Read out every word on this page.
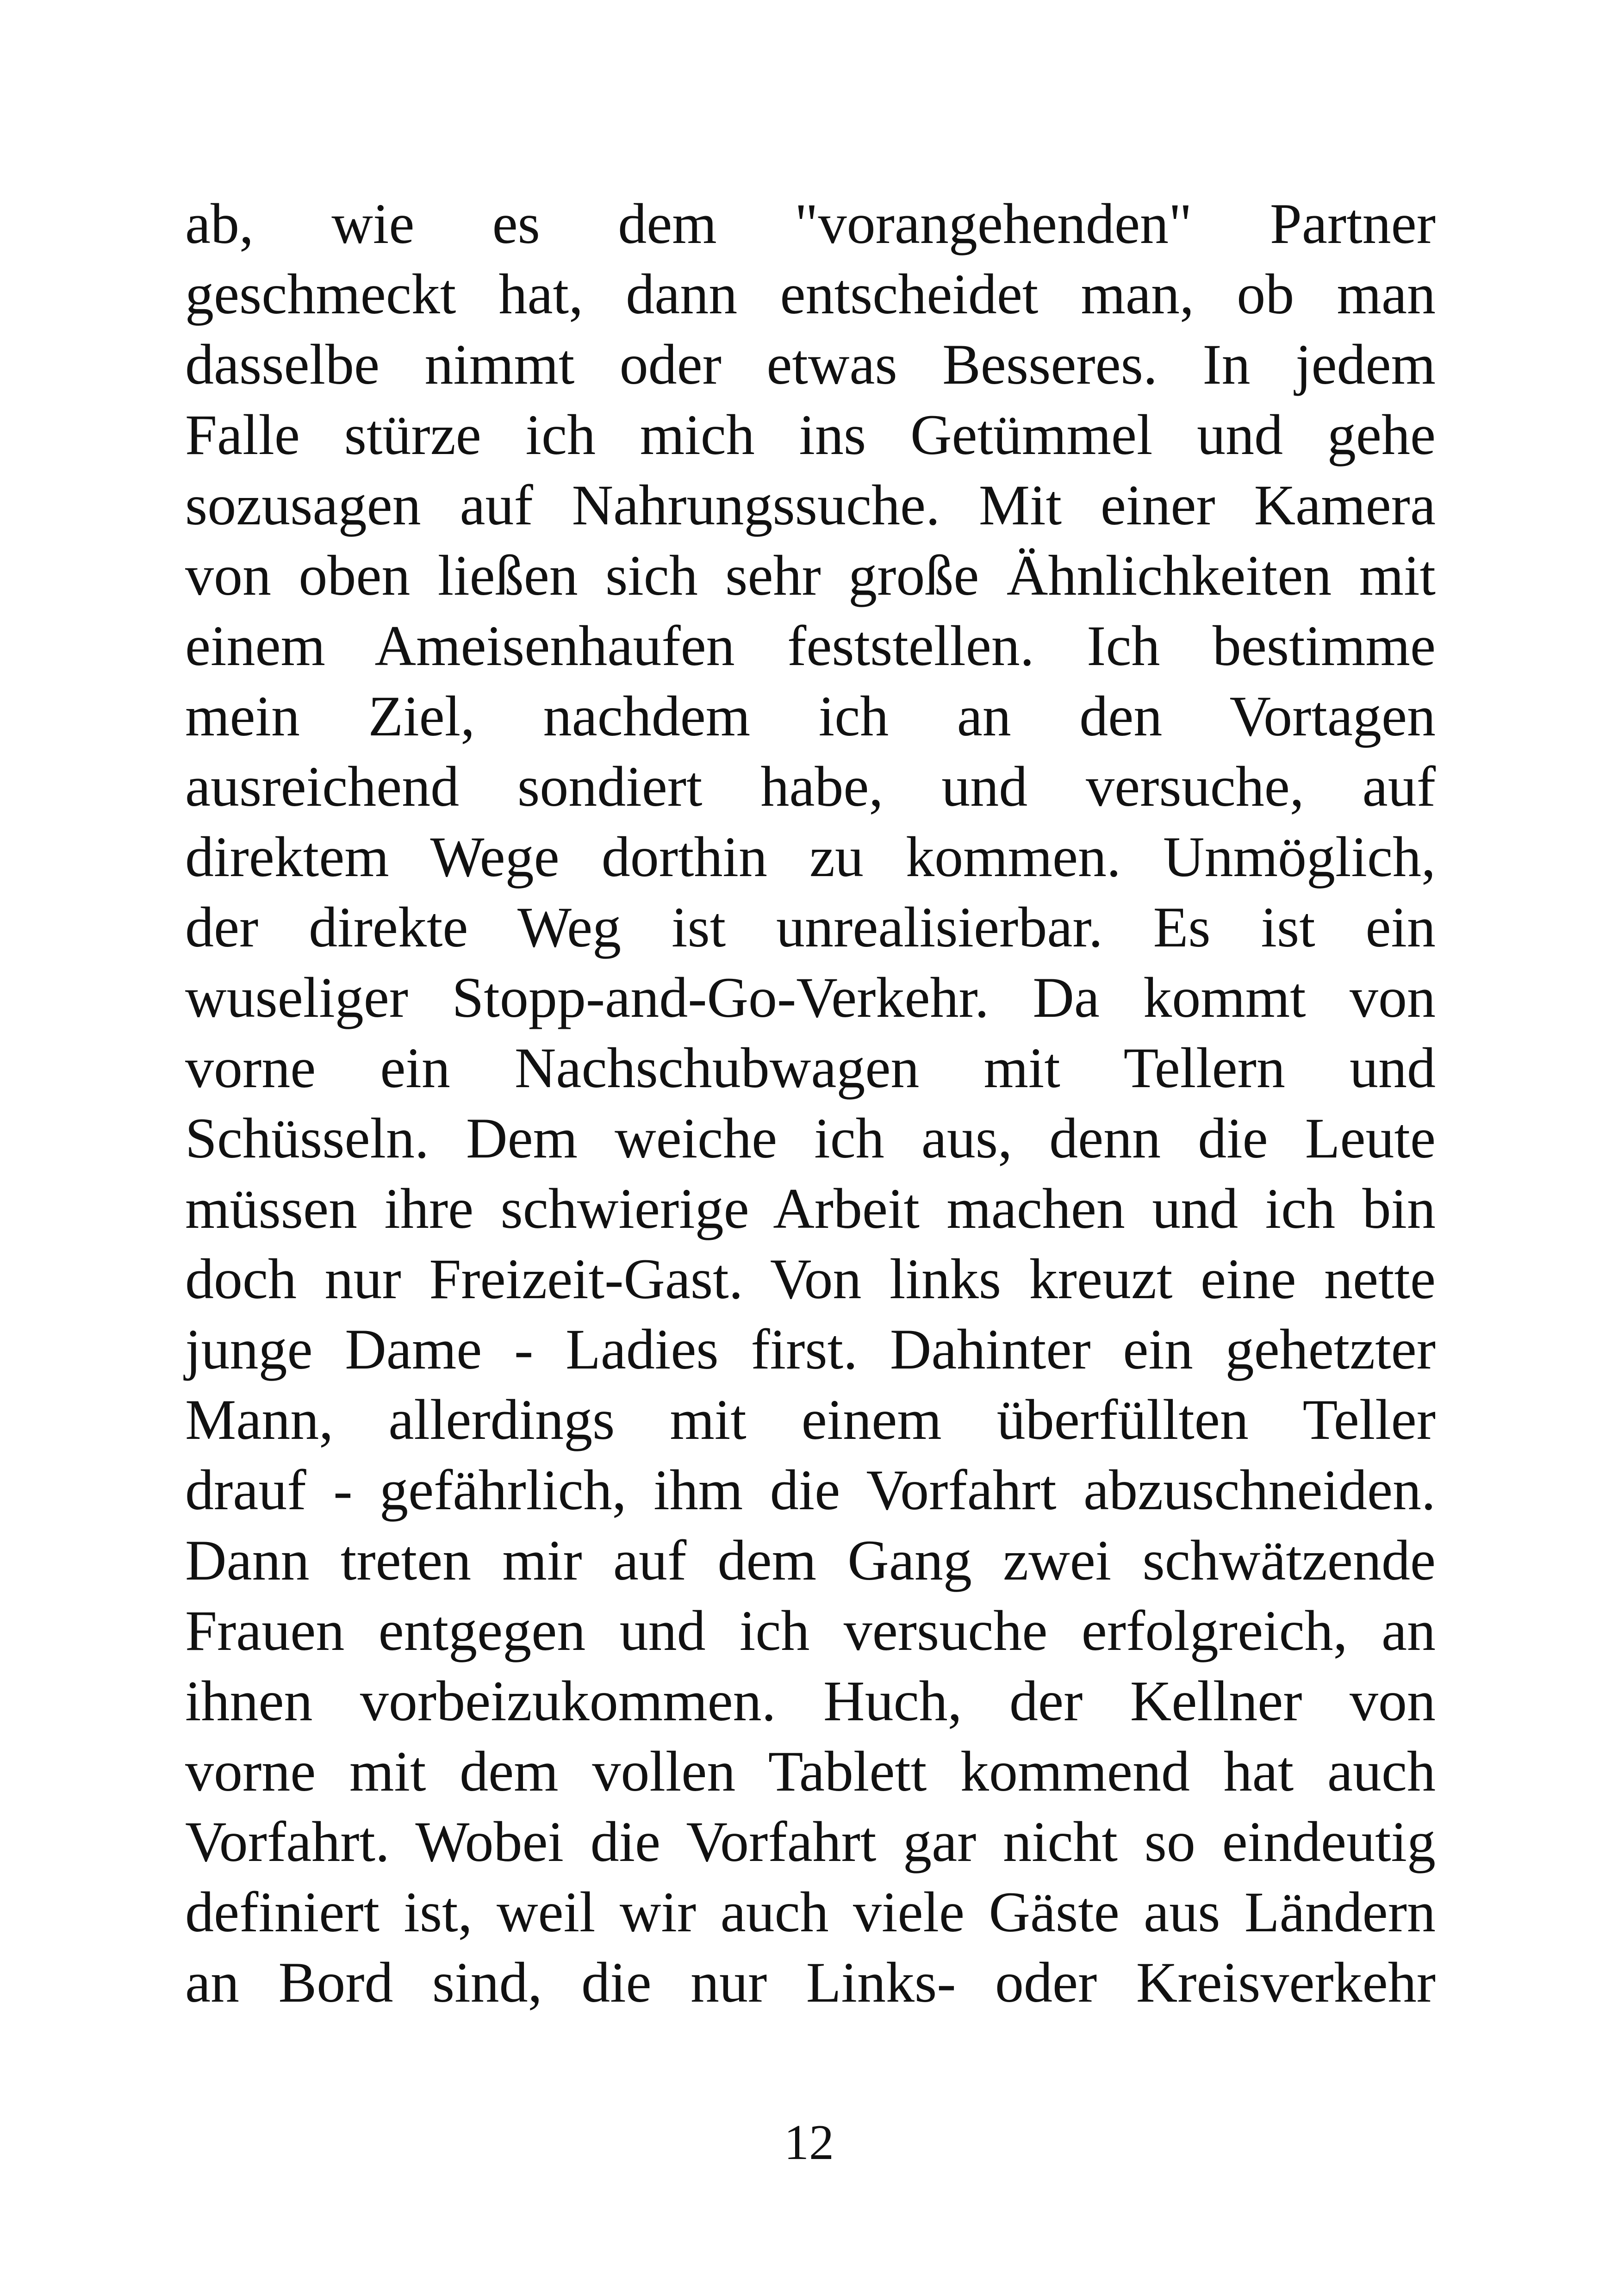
ab, wie es dem "vorangehenden" Partner
geschmeckt hat, dann entscheidet man, ob man
dasselbe nimmt oder etwas Besseres. In jedem
Falle stürze ich mich ins Getümmel und gehe
sozusagen auf Nahrungssuche. Mit einer Kamera
von oben ließen sich sehr große Ähnlichkeiten mit
einem Ameisenhaufen feststellen. Ich bestimme
mein Ziel, nachdem ich an den Vortagen
ausreichend sondiert habe, und versuche, auf
direktem Wege dorthin zu kommen. Unmöglich,
der direkte Weg ist unrealisierbar. Es ist ein
wuseliger Stopp-and-Go-Verkehr. Da kommt von
vorne ein Nachschubwagen mit Tellern und
Schüsseln. Dem weiche ich aus, denn die Leute
müssen ihre schwierige Arbeit machen und ich bin
doch nur Freizeit-Gast. Von links kreuzt eine nette
junge Dame - Ladies first. Dahinter ein gehetzter
Mann, allerdings mit einem überfüllten Teller
drauf - gefährlich, ihm die Vorfahrt abzuschneiden.
Dann treten mir auf dem Gang zwei schwätzende
Frauen entgegen und ich versuche erfolgreich, an
ihnen vorbeizukommen. Huch, der Kellner von
vorne mit dem vollen Tablett kommend hat auch
Vorfahrt. Wobei die Vorfahrt gar nicht so eindeutig
definiert ist, weil wir auch viele Gäste aus Ländern
an Bord sind, die nur Links- oder Kreisverkehr
12
